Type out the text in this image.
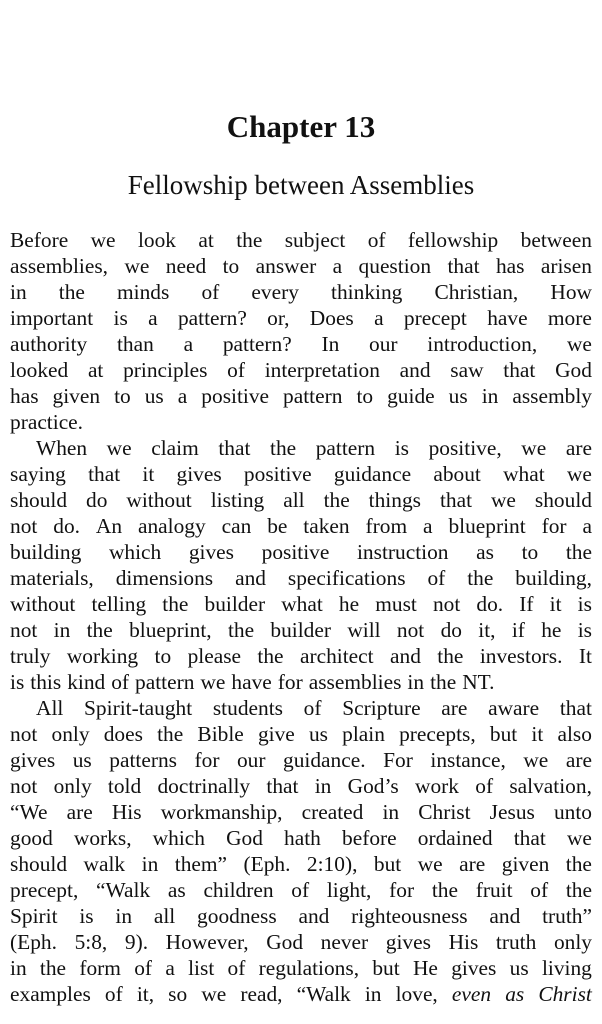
Chapter 13
Fellowship between Assemblies
Before we look at the subject of fellowship between
assemblies, we need to answer a question that has arisen
in the minds of every thinking Christian, How
important is a pattern? or, Does a precept have more
authority than a pattern? In our introduction, we
looked at principles of interpretation and saw that God
has given to us a positive pattern to guide us in assembly
practice.
When we claim that the pattern is positive, we are
saying that it gives positive guidance about what we
should do without listing all the things that we should
not do. An analogy can be taken from a blueprint for a
building which gives positive instruction as to the
materials, dimensions and specifications of the building,
without telling the builder what he must not do. If it is
not in the blueprint, the builder will not do it, if he is
truly working to please the architect and the investors. It
is this kind of pattern we have for assemblies in the NT.
All Spirit-taught students of Scripture are aware that
not only does the Bible give us plain precepts, but it also
gives us patterns for our guidance. For instance, we are
not only told doctrinally that in God’s work of salvation,
“We are His workmanship, created in Christ Jesus unto
good works, which God hath before ordained that we
should walk in them” (Eph. 2:10), but we are given the
precept, “Walk as children of light, for the fruit of the
Spirit is in all goodness and righteousness and truth”
(Eph. 5:8, 9). However, God never gives His truth only
in the form of a list of regulations, but He gives us living
examples of it, so we read, “Walk in love, even as Christ
